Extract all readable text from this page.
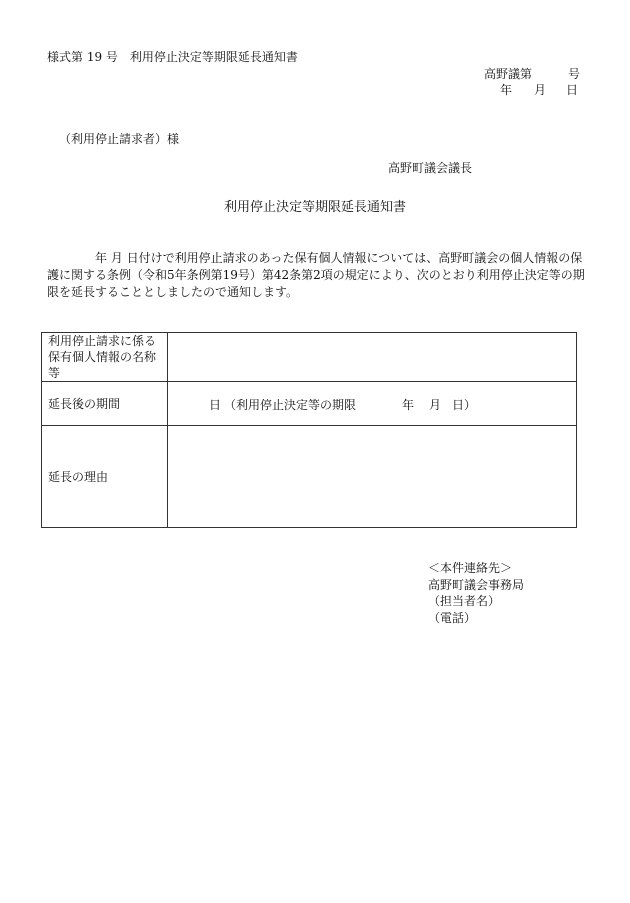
様式第 19 号　利用停止決定等期限延長通知書
高野議第	号
年 月 日
（利用停止請求者）様
高野町議会議長
利用停止決定等期限延長通知書
年 月 日付けで利用停止請求のあった保有個人情報については、高野町議会の個人情報の保護に関する条例（令和5年条例第19号）第42条第2項の規定により、次のとおり利用停止決定等の期限を延長することとしましたので通知します。
利用停止請求に係る
保有個人情報の名称
等	

延長後の期間	日 （利用停止決定等の期限 年 月 日）

延長の理由	
＜本件連絡先＞
高野町議会事務局
（担当者名）
（電話）
